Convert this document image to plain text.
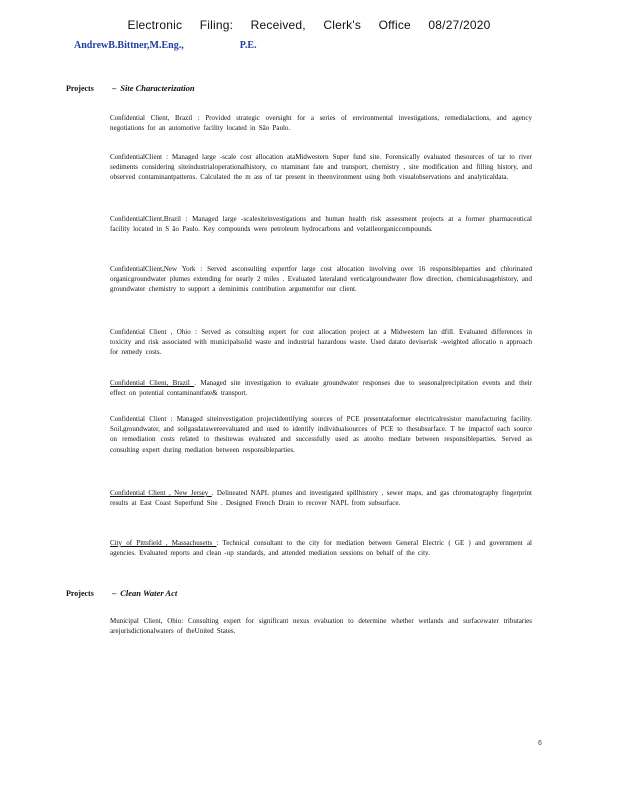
Electronic Filing: Received, Clerk's Office 08/27/2020
AndrewB.Bittner,M.Eng.,	P.E.
Projects – Site Characterization
Confidential Client, Brazil : Provided strategic oversight for a series of environmental investigations, remedialactions, and agency negotiations for an automotive facility located in São Paulo.
ConfidentialClient : Managed large -scale cost allocation ataMidwestern Super fund site. Forensically evaluated thesources of tar to river sediments considering siteindustrialoperationalhistory, co ntaminant fate and transport, chemistry , site modification and filling history, and observed contaminantpatterns. Calculated the m ass of tar present in theenvironment using both visualobservations and analyticaldata.
ConfidentialClient,Brazil : Managed large -scalesiteinvestigations and human health risk assessment projects at a former pharmaceutical facility located in S ão Paulo. Key compounds were petroleum hydrocarbons and volatileorganiccompounds.
ConfidentialClient,New York : Served asconsulting expertfor large cost allocation involving over 16 responsibleparties and chlorinated organicgroundwater plumes extending for nearly 2 miles . Evaluated lateraland verticalgroundwater flow direction, chemicalusagehistory, and groundwater chemistry to support a deminimis contribution argumentfor our client.
Confidential Client , Ohio : Served as consulting expert for cost allocation project at a Midwestern lan dfill. Evaluated differences in toxicity and risk associated with municipalsolid waste and industrial hazardous waste. Used datato deviserisk -weighted allocatio n approach for remedy costs.
Confidential Client, Brazil . Managed site investigation to evaluate groundwater responses due to seasonalprecipitation events and their effect on potential contaminantfate& transport.
Confidential Client : Managed siteinvestigation projectidentifying sources of PCE presentataformer electricalresistor manufacturing facility. Soil,groundwater, and soilgasdatawereevaluated and used to identify individualsources of PCE to thesubsurface. T he impactof each source on remediation costs related to thesitewas evaluated and successfully used as atoolto mediate between responsibleparties. Served as consulting expert during mediation between responsibleparties.
Confidential Client , New Jersey . Delineated NAPL plumes and investigated spillhistory , sewer maps, and gas chromatography fingerprint results at East Coast Superfund Site . Designed French Drain to recover NAPL from subsurface.
City of Pittsfield , Massachusetts : Technical consultant to the city for mediation between General Electric ( GE ) and government al agencies. Evaluated reports and clean -up standards, and attended mediation sessions on behalf of the city.
Projects – Clean Water Act
Municipal Client, Ohio: Consulting expert for significant nexus evaluation to determine whether wetlands and surfacewater tributaries arejurisdictionalwaters of theUnited States.
6
